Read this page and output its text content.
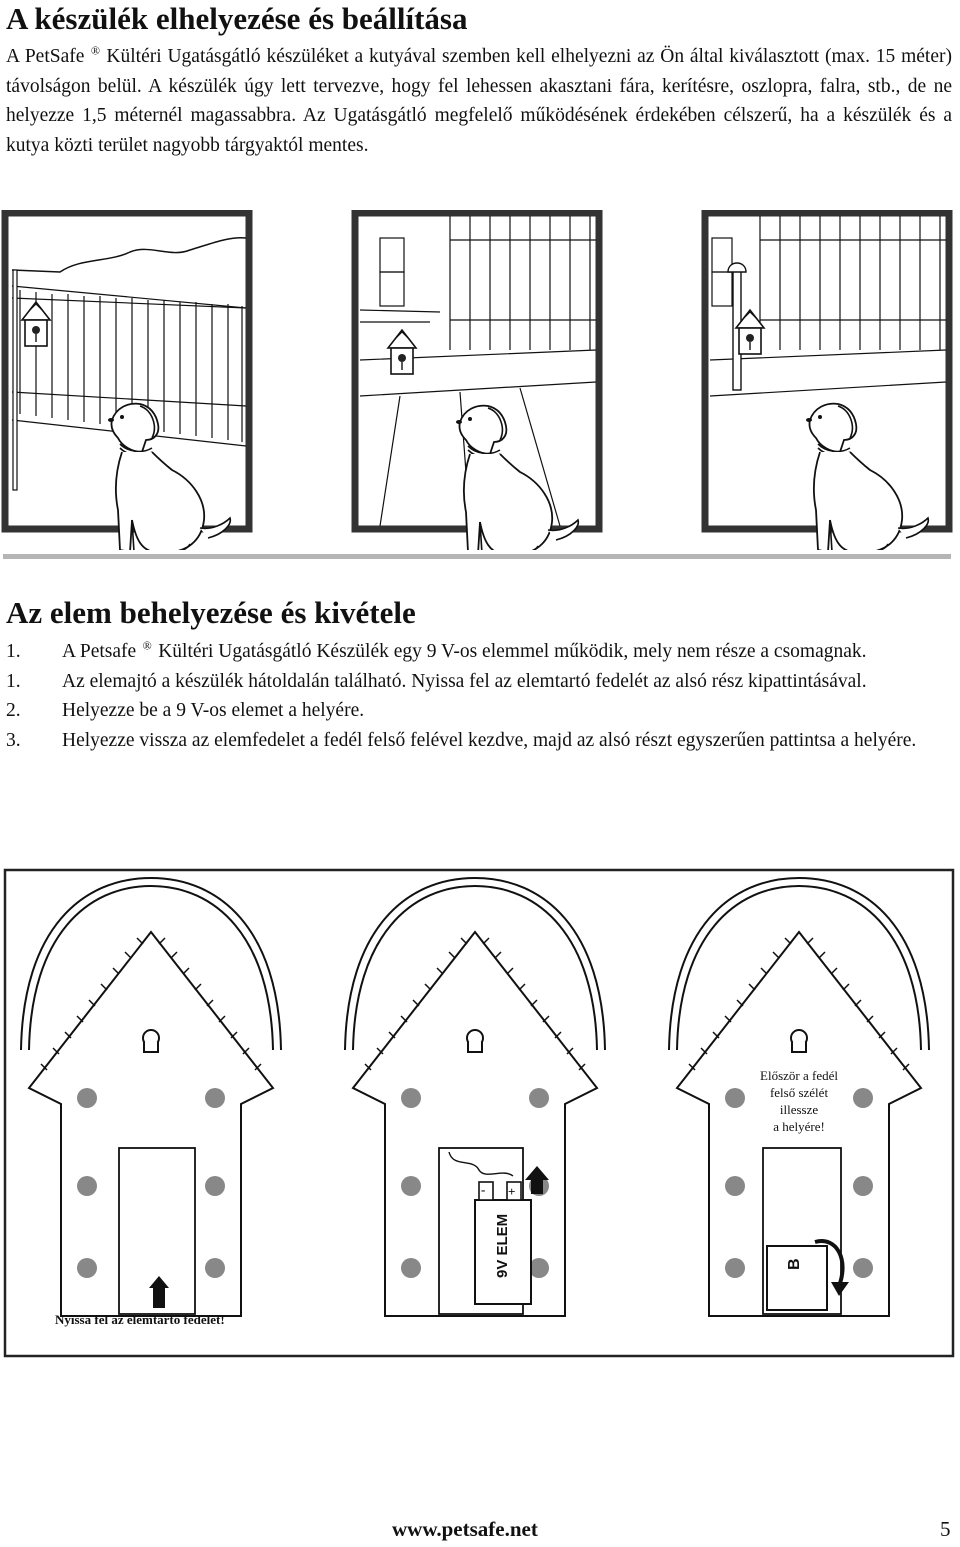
A készülék elhelyezése és beállítása

A PetSafe ® Kültéri Ugatásgátló készüléket a kutyával szemben kell elhelyezni az Ön által kiválasztott (max. 15 méter) távolságon belül. A készülék úgy lett tervezve, hogy fel lehessen akasztani fára, kerítésre, oszlopra, falra, stb., de ne helyezze 1,5 méternél magassabbra. Az Ugatásgátló megfelelő működésének érdekében célszerű, ha a készülék és a kutya közti terület nagyobb tárgyaktól mentes.

Az elem behelyezése és kivétele
1.	A Petsafe ® Kültéri Ugatásgátló Készülék egy 9 V-os elemmel működik, mely nem része a csomagnak.
1.	Az elemajtó a készülék hátoldalán található. Nyissa fel az elemtartó fedelét az alsó rész kipattintásával.
2.	Helyezze be a 9 V-os elemet a helyére.
3.	Helyezze vissza az elemfedelet a fedél felső felével kezdve, majd az alsó részt egyszerűen pattintsa a helyére.
Nyissa fel az elemtartó fedelét!
- +
9V ELEM	B
Először a fedél
felső szélét
illessze
a helyére!
www.petsafe.net	5
